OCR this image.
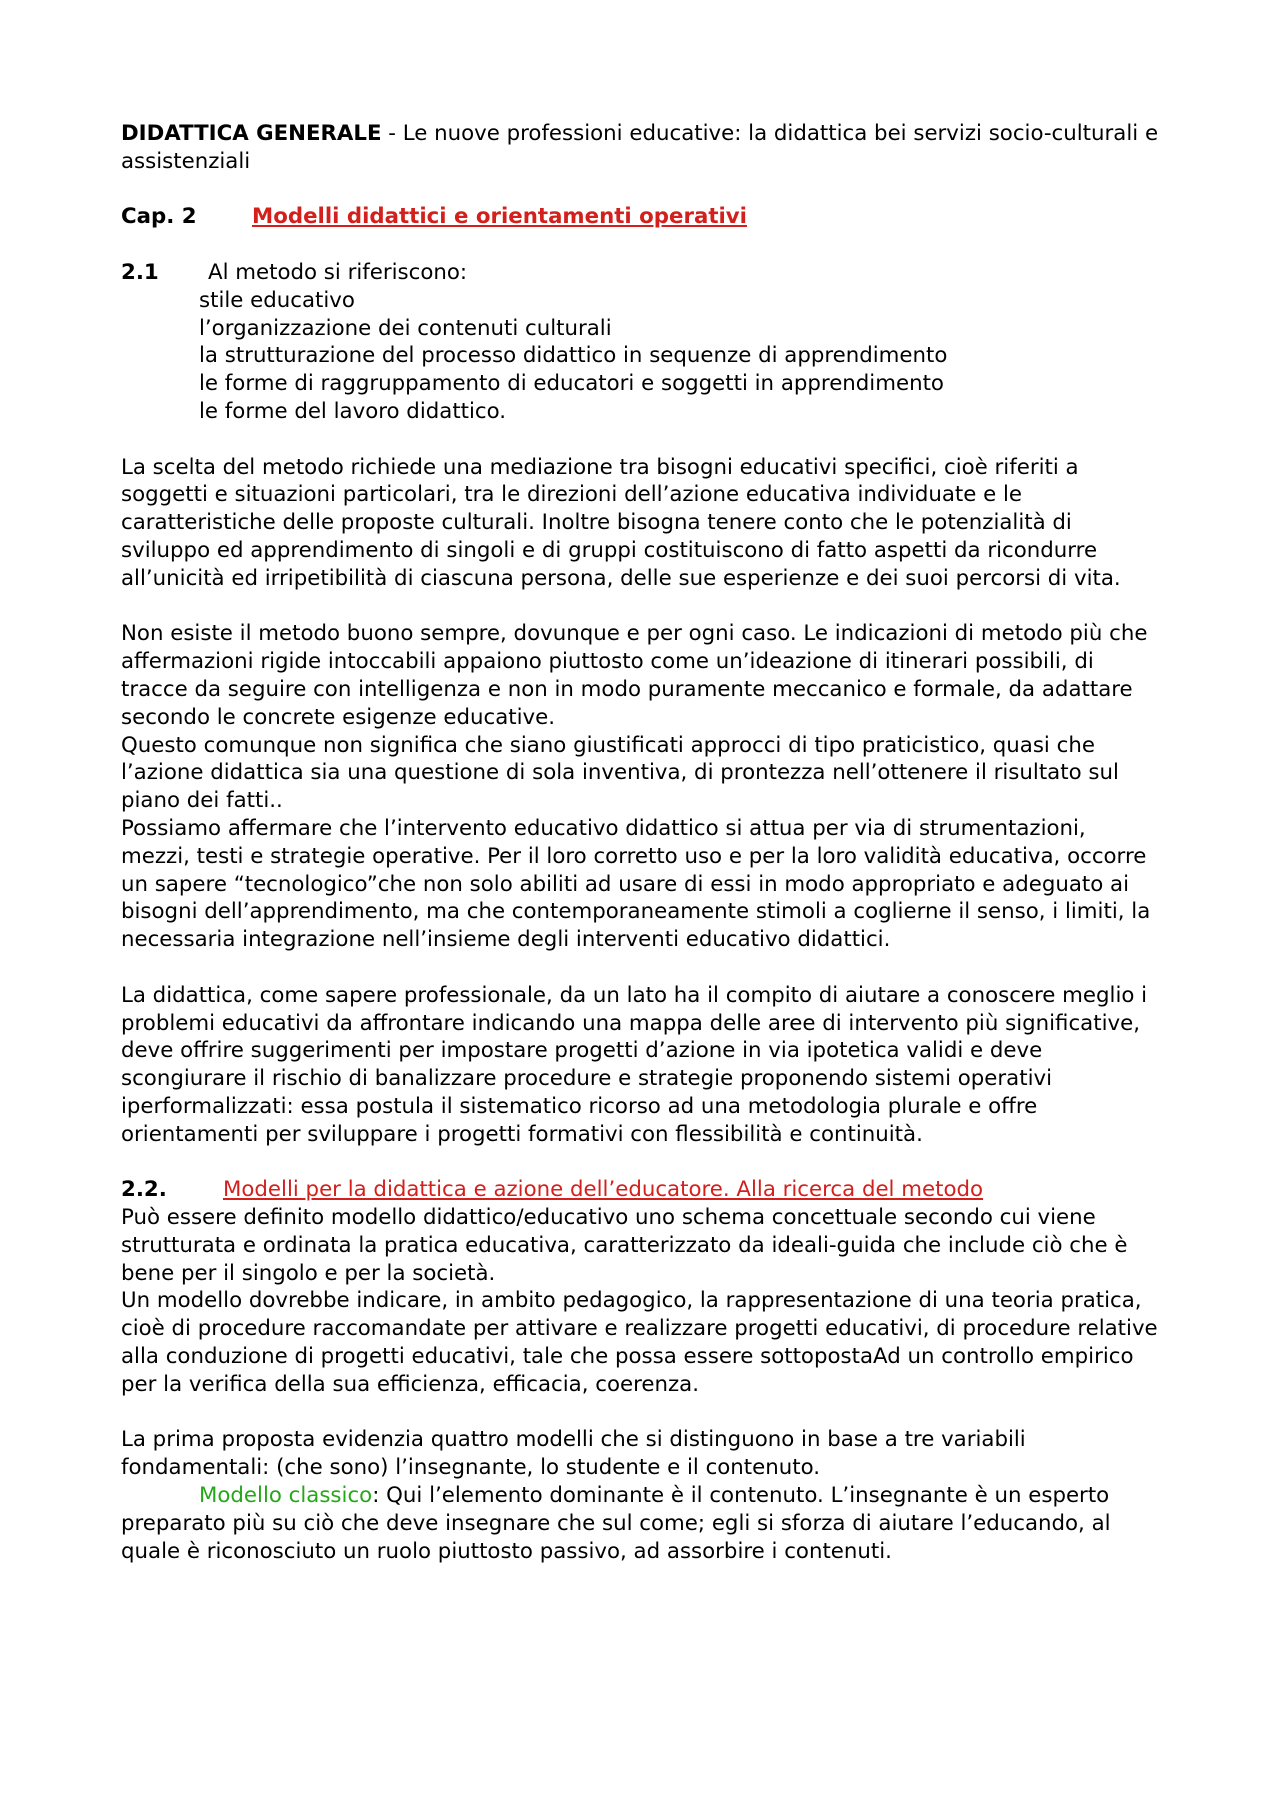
DIDATTICA GENERALE - Le nuove professioni educative: la didattica bei servizi socio-culturali e assistenziali

Cap. 2	Modelli didattici e orientamenti operativi
2.1	Al metodo si riferiscono:
stile educativo
l’organizzazione dei contenuti culturali
la strutturazione del processo didattico in sequenze di apprendimento
le forme di raggruppamento di educatori e soggetti in apprendimento
le forme del lavoro didattico.

La scelta del metodo richiede una mediazione tra bisogni educativi specifici, cioè riferiti a soggetti e situazioni particolari, tra le direzioni dell’azione educativa individuate e le caratteristiche delle proposte culturali. Inoltre bisogna tenere conto che le potenzialità di sviluppo ed apprendimento di singoli e di gruppi costituiscono di fatto aspetti da ricondurre all’unicità ed irripetibilità di ciascuna persona, delle sue esperienze e dei suoi percorsi di vita.

Non esiste il metodo buono sempre, dovunque e per ogni caso. Le indicazioni di metodo più che affermazioni rigide intoccabili appaiono piuttosto come un’ideazione di itinerari possibili, di tracce da seguire con intelligenza e non in modo puramente meccanico e formale, da adattare secondo le concrete esigenze educative.

Questo comunque non significa che siano giustificati approcci di tipo praticistico, quasi che l’azione didattica sia una questione di sola inventiva, di prontezza nell’ottenere il risultato sul piano dei fatti..

Possiamo affermare che l’intervento educativo didattico si attua per via di strumentazioni, mezzi, testi e strategie operative. Per il loro corretto uso e per la loro validità educativa, occorre un sapere “tecnologico”che non solo abiliti ad usare di essi in modo appropriato e adeguato ai bisogni dell’apprendimento, ma che contemporaneamente stimoli a coglierne il senso, i limiti, la necessaria integrazione nell’insieme degli interventi educativo didattici.

La didattica, come sapere professionale, da un lato ha il compito di aiutare a conoscere meglio i problemi educativi da affrontare indicando una mappa delle aree di intervento più significative, deve offrire suggerimenti per impostare progetti d’azione in via ipotetica validi e deve scongiurare il rischio di banalizzare procedure e strategie proponendo sistemi operativi iperformalizzati: essa postula il sistematico ricorso ad una metodologia plurale e offre orientamenti per sviluppare i progetti formativi con flessibilità e continuità.

2.2.	Modelli per la didattica e azione dell’educatore. Alla ricerca del metodo

Può essere definito modello didattico/educativo uno schema concettuale secondo cui viene strutturata e ordinata la pratica educativa, caratterizzato da ideali-guida che include ciò che è bene per il singolo e per la società.

Un modello dovrebbe indicare, in ambito pedagogico, la rappresentazione di una teoria pratica, cioè di procedure raccomandate per attivare e realizzare progetti educativi, di procedure relative alla conduzione di progetti educativi, tale che possa essere sottopostaAd un controllo empirico per la verifica della sua efficienza, efficacia, coerenza.

La prima proposta evidenzia quattro modelli che si distinguono in base a tre variabili fondamentali: (che sono) l’insegnante, lo studente e il contenuto.

Modello classico: Qui l’elemento dominante è il contenuto. L’insegnante è un esperto preparato più su ciò che deve insegnare che sul come; egli si sforza di aiutare l’educando, al quale è riconosciuto un ruolo piuttosto passivo, ad assorbire i contenuti.
